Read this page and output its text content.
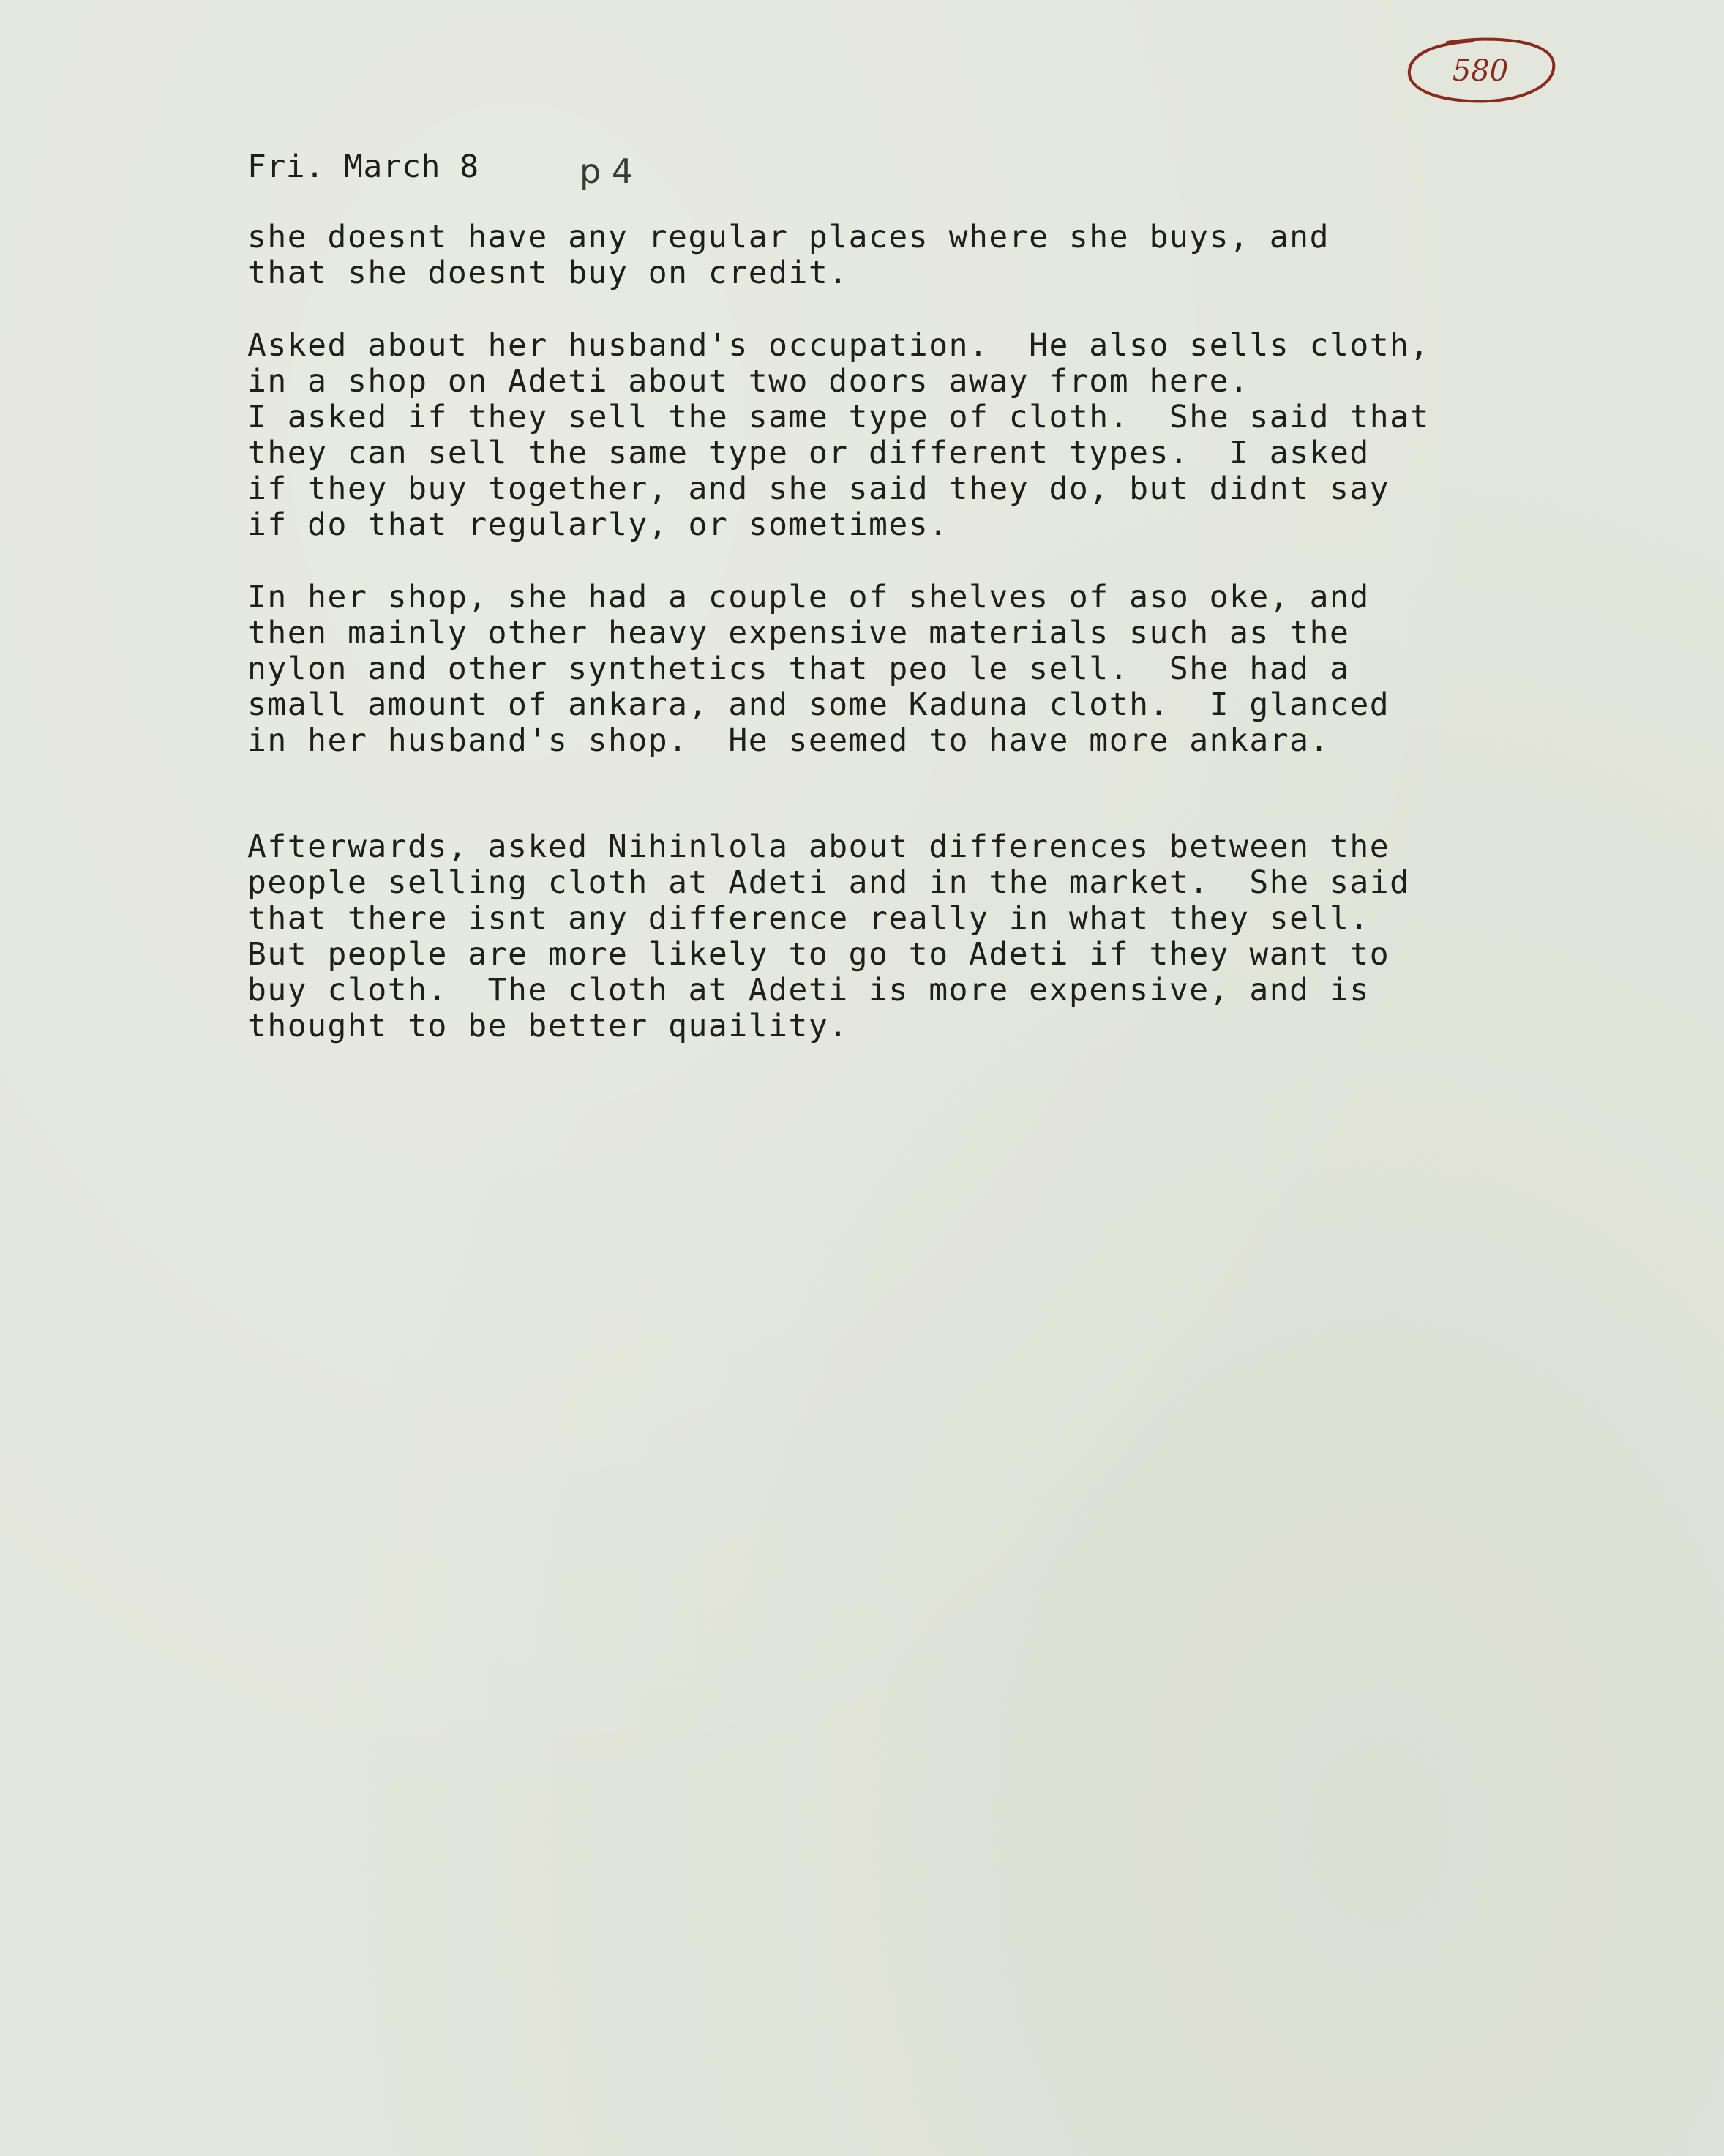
580
Fri. March 8	p 4
she doesnt have any regular places where she buys, and
that she doesnt buy on credit.
Asked about her husband's occupation.  He also sells cloth,
in a shop on Adeti about two doors away from here.
I asked if they sell the same type of cloth.  She said that
they can sell the same type or different types.  I asked
if they buy together, and she said they do, but didnt say
if do that regularly, or sometimes.
In her shop, she had a couple of shelves of aso oke, and
then mainly other heavy expensive materials such as the
nylon and other synthetics that peo le sell.  She had a
small amount of ankara, and some Kaduna cloth.  I glanced
in her husband's shop.  He seemed to have more ankara.
Afterwards, asked Nihinlola about differences between the
people selling cloth at Adeti and in the market.  She said
that there isnt any difference really in what they sell.
But people are more likely to go to Adeti if they want to
buy cloth.  The cloth at Adeti is more expensive, and is
thought to be better quaility.
